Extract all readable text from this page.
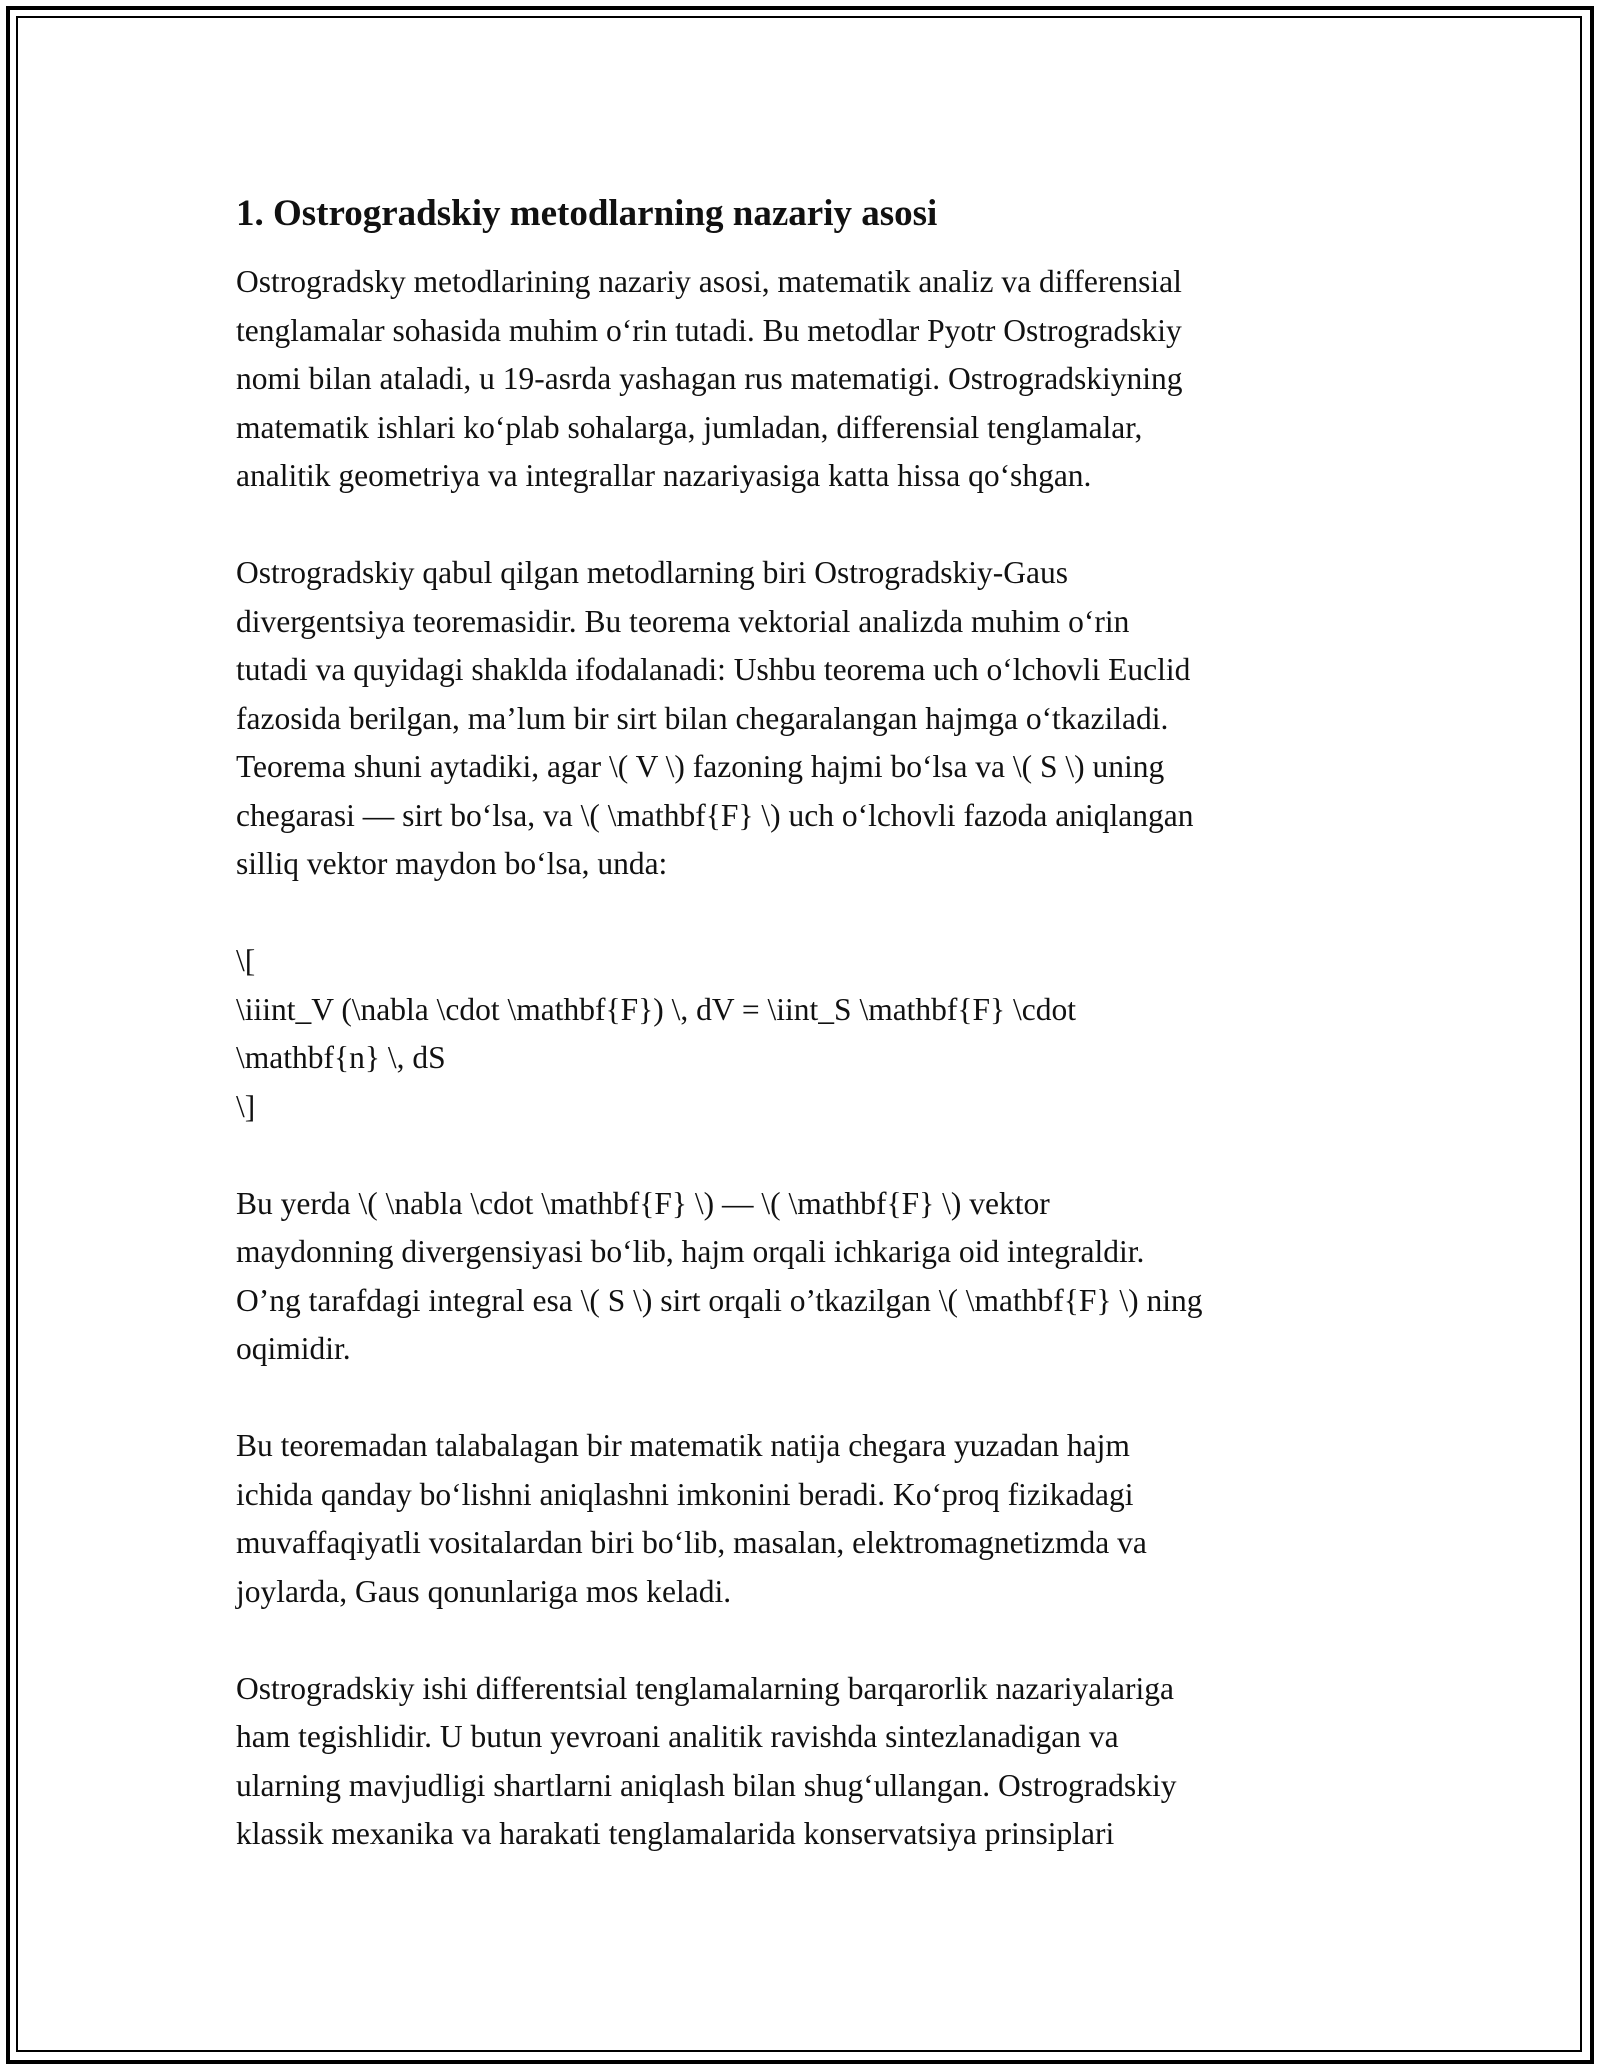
1. Ostrogradskiy metodlarning nazariy asosi
Ostrogradsky metodlarining nazariy asosi, matematik analiz va differensial
tenglamalar sohasida muhim o‘rin tutadi. Bu metodlar Pyotr Ostrogradskiy
nomi bilan ataladi, u 19-asrda yashagan rus matematigi. Ostrogradskiyning
matematik ishlari ko‘plab sohalarga, jumladan, differensial tenglamalar,
analitik geometriya va integrallar nazariyasiga katta hissa qo‘shgan.
Ostrogradskiy qabul qilgan metodlarning biri Ostrogradskiy-Gaus
divergentsiya teoremasidir. Bu teorema vektorial analizda muhim o‘rin
tutadi va quyidagi shakldа ifodalanadi: Ushbu teorema uch o‘lchovli Euclid
fazosida berilgan, ma’lum bir sirt bilan chegaralangan hajmga o‘tkaziladi.
Teorema shuni aytadiki, agar \( V \) fazoning hajmi bo‘lsa va \( S \) uning
chegarasi — sirt bo‘lsa, va \( \mathbf{F} \) uch o‘lchovli fazoda aniqlangan
silliq vektor maydon bo‘lsa, unda:
\[
\iiint_V (\nabla \cdot \mathbf{F}) \, dV = \iint_S \mathbf{F} \cdot
\mathbf{n} \, dS
\]
Bu yerda \( \nabla \cdot \mathbf{F} \) — \( \mathbf{F} \) vektor
maydonning divergensiyasi bo‘lib, hajm orqali ichkariga oid integraldir.
O’ng tarafdagi integral esa \( S \) sirt orqali o’tkazilgan \( \mathbf{F} \) ning
oqimidir.
Bu teoremadan talabalagan bir matematik natija chegara yuzadan hajm
ichida qanday bo‘lishni aniqlashni imkonini beradi. Ko‘proq fizikadagi
muvaffaqiyatli vositalardan biri bo‘lib, masalan, elektromagnetizmda va
joylarda, Gaus qonunlariga mos keladi.
Ostrogradskiy ishi differentsial tenglamalarning barqarorlik nazariyalariga
ham tegishlidir. U butun yevroani analitik ravishda sintezlanadigan va
ularning mavjudligi shartlarni aniqlash bilan shug‘ullangan. Ostrogradskiy
klassik mexanika va harakati tenglamalarida konservatsiya prinsiplari
